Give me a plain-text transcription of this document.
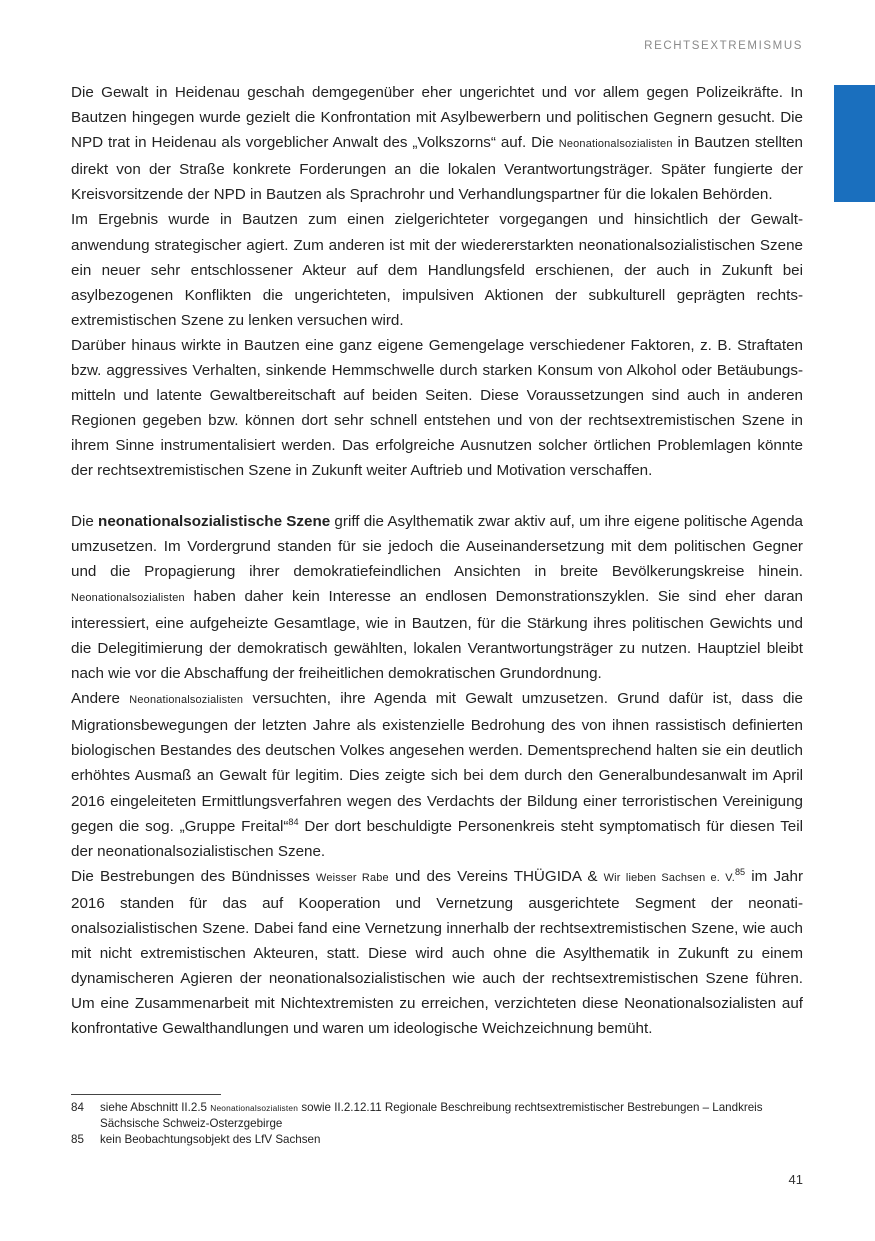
RECHTSEXTREMISMUS

Die Gewalt in Heidenau geschah demgegenüber eher ungerichtet und vor allem gegen Polizeikräfte. In Bautzen hingegen wurde gezielt die Konfrontation mit Asylbewerbern und politischen Gegnern gesucht. Die NPD trat in Heidenau als vorgeblicher Anwalt des „Volkszorns“ auf. Die Neonationalsozialisten in Bautzen stellten direkt von der Straße konkrete Forderungen an die lokalen Verantwortungsträger. Später fungierte der Kreisvorsitzende der NPD in Bautzen als Sprachrohr und Verhandlungspartner für die lokalen Behörden.

Im Ergebnis wurde in Bautzen zum einen zielgerichteter vorgegangen und hinsichtlich der Gewaltanwendung strategischer agiert. Zum anderen ist mit der wiedererstarkten neonationalsozialistischen Szene ein neuer sehr entschlossener Akteur auf dem Handlungsfeld erschienen, der auch in Zukunft bei asylbezogenen Konflikten die ungerichteten, impulsiven Aktionen der subkulturell geprägten rechtsextremistischen Szene zu lenken versuchen wird.

Darüber hinaus wirkte in Bautzen eine ganz eigene Gemengelage verschiedener Faktoren, z. B. Straftaten bzw. aggressives Verhalten, sinkende Hemmschwelle durch starken Konsum von Alkohol oder Betäubungsmitteln und latente Gewaltbereitschaft auf beiden Seiten. Diese Voraussetzungen sind auch in anderen Regionen gegeben bzw. können dort sehr schnell entstehen und von der rechtsextremistischen Szene in ihrem Sinne instrumentalisiert werden. Das erfolgreiche Ausnutzen solcher örtlichen Problemlagen könnte der rechtsextremistischen Szene in Zukunft weiter Auftrieb und Motivation verschaffen.

Die neonationalsozialistische Szene griff die Asylthematik zwar aktiv auf, um ihre eigene politische Agenda umzusetzen. Im Vordergrund standen für sie jedoch die Auseinandersetzung mit dem politischen Gegner und die Propagierung ihrer demokratiefeindlichen Ansichten in breite Bevölkerungskreise hinein. Neonationalsozialisten haben daher kein Interesse an endlosen Demonstrationszyklen. Sie sind eher daran interessiert, eine aufgeheizte Gesamtlage, wie in Bautzen, für die Stärkung ihres politischen Gewichts und die Delegitimierung der demokratisch gewählten, lokalen Verantwortungsträger zu nutzen. Hauptziel bleibt nach wie vor die Abschaffung der freiheitlichen demokratischen Grundordnung.

Andere Neonationalsozialisten versuchten, ihre Agenda mit Gewalt umzusetzen. Grund dafür ist, dass die Migrationsbewegungen der letzten Jahre als existenzielle Bedrohung des von ihnen rassistisch definierten biologischen Bestandes des deutschen Volkes angesehen werden. Dementsprechend halten sie ein deutlich erhöhtes Ausmaß an Gewalt für legitim. Dies zeigte sich bei dem durch den Generalbundesanwalt im April 2016 eingeleiteten Ermittlungsverfahren wegen des Verdachts der Bildung einer terroristischen Vereinigung gegen die sog. „Gruppe Freital“$^{84}$ Der dort beschuldigte Personenkreis steht symptomatisch für diesen Teil der neonationalsozialistischen Szene.

Die Bestrebungen des Bündnisses Weisser Rabe und des Vereins THÜGIDA & Wir lieben Sachsen e. V.$^{85}$ im Jahr 2016 standen für das auf Kooperation und Vernetzung ausgerichtete Segment der neonationalsozialistischen Szene. Dabei fand eine Vernetzung innerhalb der rechtsextremistischen Szene, wie auch mit nicht extremistischen Akteuren, statt. Diese wird auch ohne die Asylthematik in Zukunft zu einem dynamischeren Agieren der neonationalsozialistischen wie auch der rechtsextremistischen Szene führen. Um eine Zusammenarbeit mit Nichtextremisten zu erreichen, verzichteten diese Neonationalsozialisten auf konfrontative Gewalthandlungen und waren um ideologische Weichzeichnung bemüht.

84	siehe Abschnitt II.2.5 Neonationalsozialisten sowie II.2.12.11 Regionale Beschreibung rechtsextremistischer Bestrebungen – Landkreis Sächsische Schweiz-Osterzgebirge
85	kein Beobachtungsobjekt des LfV Sachsen
41
